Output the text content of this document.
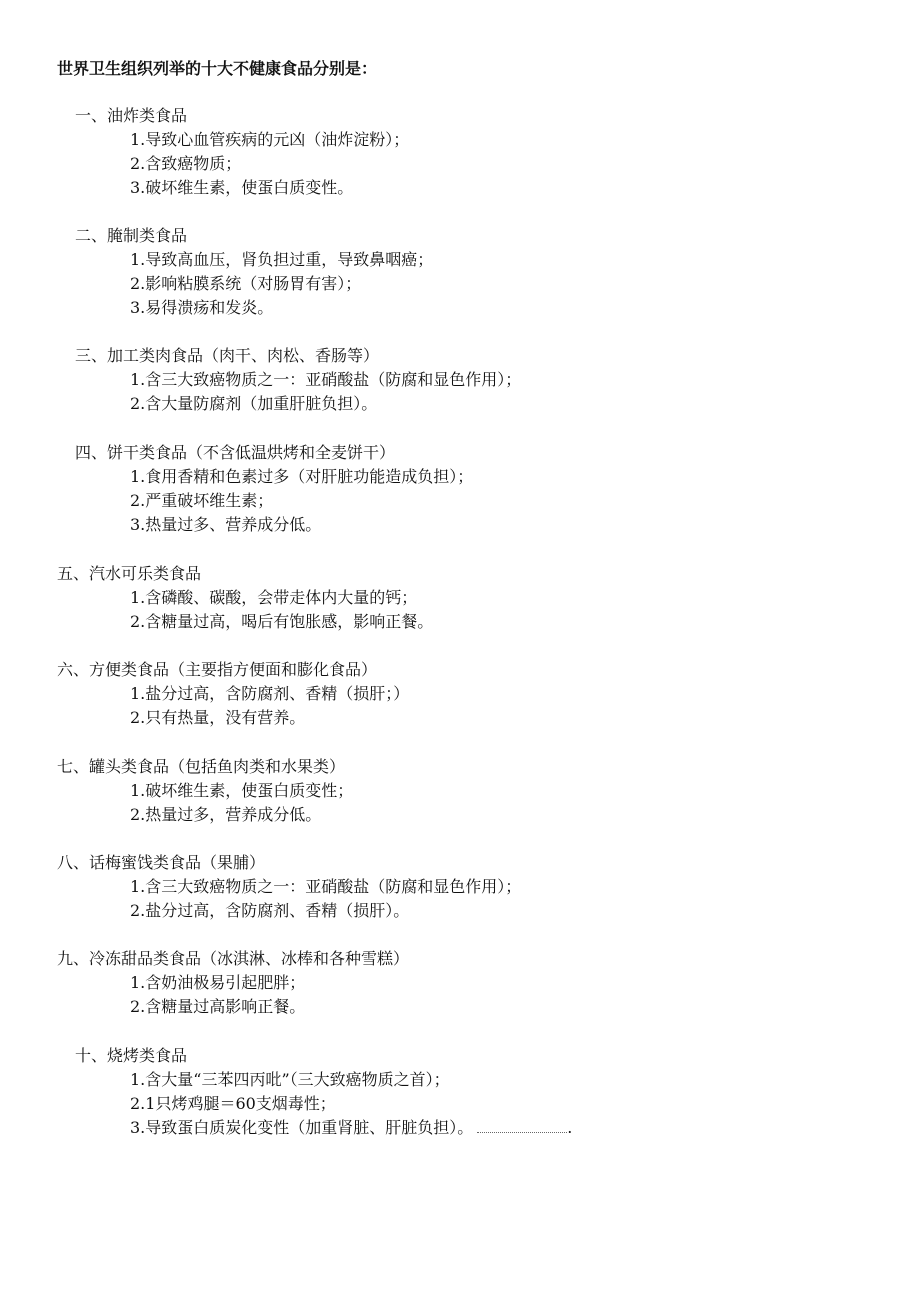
世界卫生组织列举的十大不健康食品分别是：
一、油炸类食品
1.导致心血管疾病的元凶（油炸淀粉）；
2.含致癌物质；
3.破坏维生素，使蛋白质变性。
二、腌制类食品
1.导致高血压，肾负担过重，导致鼻咽癌；
2.影响粘膜系统（对肠胃有害）；
3.易得溃疡和发炎。
三、加工类肉食品（肉干、肉松、香肠等）
1.含三大致癌物质之一：亚硝酸盐（防腐和显色作用）；
2.含大量防腐剂（加重肝脏负担）。
四、饼干类食品（不含低温烘烤和全麦饼干）
1.食用香精和色素过多（对肝脏功能造成负担）；
2.严重破坏维生素；
3.热量过多、营养成分低。
五、汽水可乐类食品
1.含磷酸、碳酸，会带走体内大量的钙；
2.含糖量过高，喝后有饱胀感，影响正餐。
六、方便类食品（主要指方便面和膨化食品）
1.盐分过高，含防腐剂、香精（损肝；）
2.只有热量，没有营养。
七、罐头类食品（包括鱼肉类和水果类）
1.破坏维生素，使蛋白质变性；
2.热量过多，营养成分低。
八、话梅蜜饯类食品（果脯）
1.含三大致癌物质之一：亚硝酸盐（防腐和显色作用）；
2.盐分过高，含防腐剂、香精（损肝）。
九、冷冻甜品类食品（冰淇淋、冰棒和各种雪糕）
1.含奶油极易引起肥胖；
2.含糖量过高影响正餐。
十、烧烤类食品
1.含大量“三苯四丙吡”（三大致癌物质之首）；
2.1只烤鸡腿＝60支烟毒性；
3.导致蛋白质炭化变性（加重肾脏、肝脏负担）。	.
